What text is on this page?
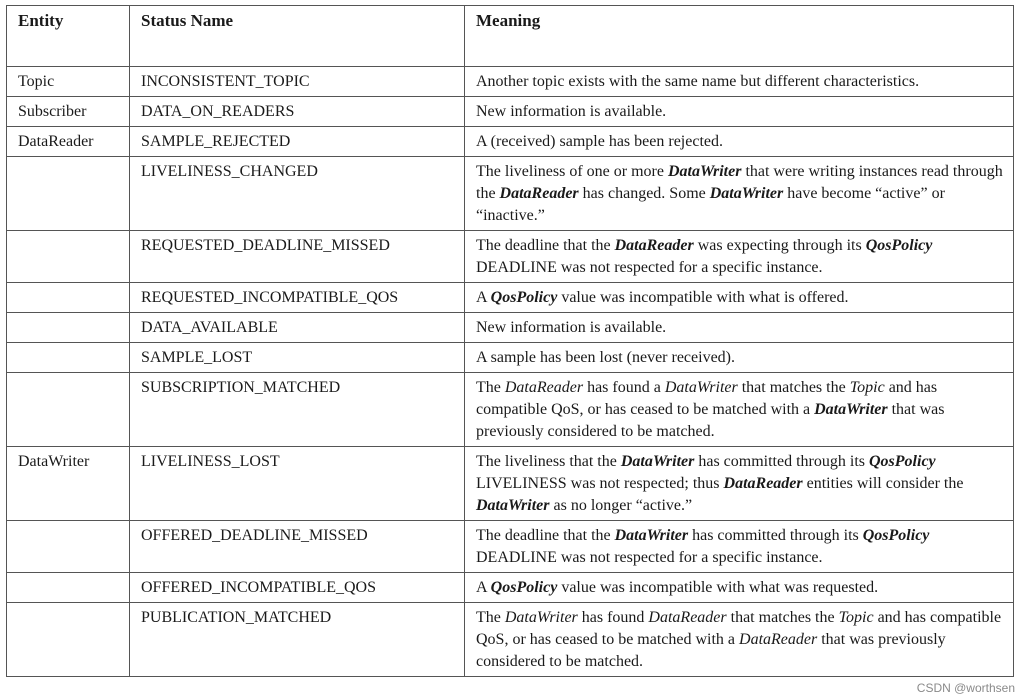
Entity	Status Name	Meaning
Topic	INCONSISTENT_TOPIC	Another topic exists with the same name but different characteristics.
Subscriber	DATA_ON_READERS	New information is available.
DataReader	SAMPLE_REJECTED	A (received) sample has been rejected.
	LIVELINESS_CHANGED	The liveliness of one or more DataWriter that were writing instances read through the DataReader has changed. Some DataWriter have become “active” or “inactive.”
	REQUESTED_DEADLINE_MISSED	The deadline that the DataReader was expecting through its QosPolicy DEADLINE was not respected for a specific instance.
	REQUESTED_INCOMPATIBLE_QOS	A QosPolicy value was incompatible with what is offered.
	DATA_AVAILABLE	New information is available.
	SAMPLE_LOST	A sample has been lost (never received).
	SUBSCRIPTION_MATCHED	The DataReader has found a DataWriter that matches the Topic and has compatible QoS, or has ceased to be matched with a DataWriter that was previously considered to be matched.
DataWriter	LIVELINESS_LOST	The liveliness that the DataWriter has committed through its QosPolicy LIVELINESS was not respected; thus DataReader entities will consider the DataWriter as no longer “active.”
	OFFERED_DEADLINE_MISSED	The deadline that the DataWriter has committed through its QosPolicy DEADLINE was not respected for a specific instance.
	OFFERED_INCOMPATIBLE_QOS	A QosPolicy value was incompatible with what was requested.
	PUBLICATION_MATCHED	The DataWriter has found DataReader that matches the Topic and has compatible QoS, or has ceased to be matched with a DataReader that was previously considered to be matched.
CSDN @worthsen
